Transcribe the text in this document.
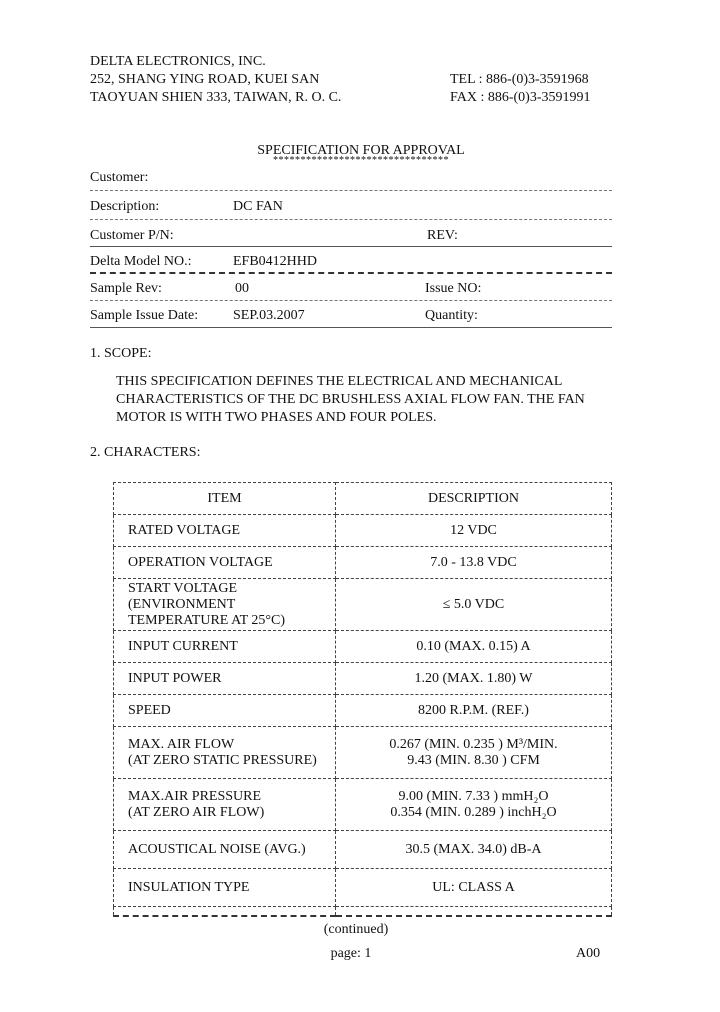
DELTA ELECTRONICS, INC.
252, SHANG YING ROAD, KUEI SAN
TAOYUAN SHIEN 333, TAIWAN, R. O. C.
TEL : 886-(0)3-3591968
FAX : 886-(0)3-3591991
SPECIFICATION FOR APPROVAL
********************************
Customer:
Description:	DC FAN
Customer P/N:	REV:
Delta Model NO.:	EFB0412HHD
Sample Rev:	00	Issue NO:
Sample Issue Date: SEP.03.2007	Quantity:
1. SCOPE:
THIS SPECIFICATION DEFINES THE ELECTRICAL AND MECHANICAL
CHARACTERISTICS OF THE DC BRUSHLESS AXIAL FLOW FAN. THE FAN
MOTOR IS WITH TWO PHASES AND FOUR POLES.
2. CHARACTERS:
ITEM	DESCRIPTION
RATED VOLTAGE	12 VDC
OPERATION VOLTAGE	7.0 - 13.8 VDC

START VOLTAGE (ENVIRONMENT
TEMPERATURE AT 25°C)	≤ 5.0 VDC
INPUT CURRENT	0.10 (MAX. 0.15) A
INPUT POWER	1.20 (MAX. 1.80) W
SPEED	8200 R.P.M. (REF.)

MAX. AIR FLOW
(AT ZERO STATIC PRESSURE)	0.267 (MIN. 0.235 ) M³/MIN.
9.43 (MIN. 8.30 ) CFM

MAX.AIR PRESSURE
(AT ZERO AIR FLOW)	9.00 (MIN. 7.33 ) mmH₂O
0.354 (MIN. 0.289 ) inchH₂O

ACOUSTICAL NOISE (AVG.)	30.5 (MAX. 34.0) dB-A
INSULATION TYPE	UL: CLASS A

(continued)
page: 1	A00
